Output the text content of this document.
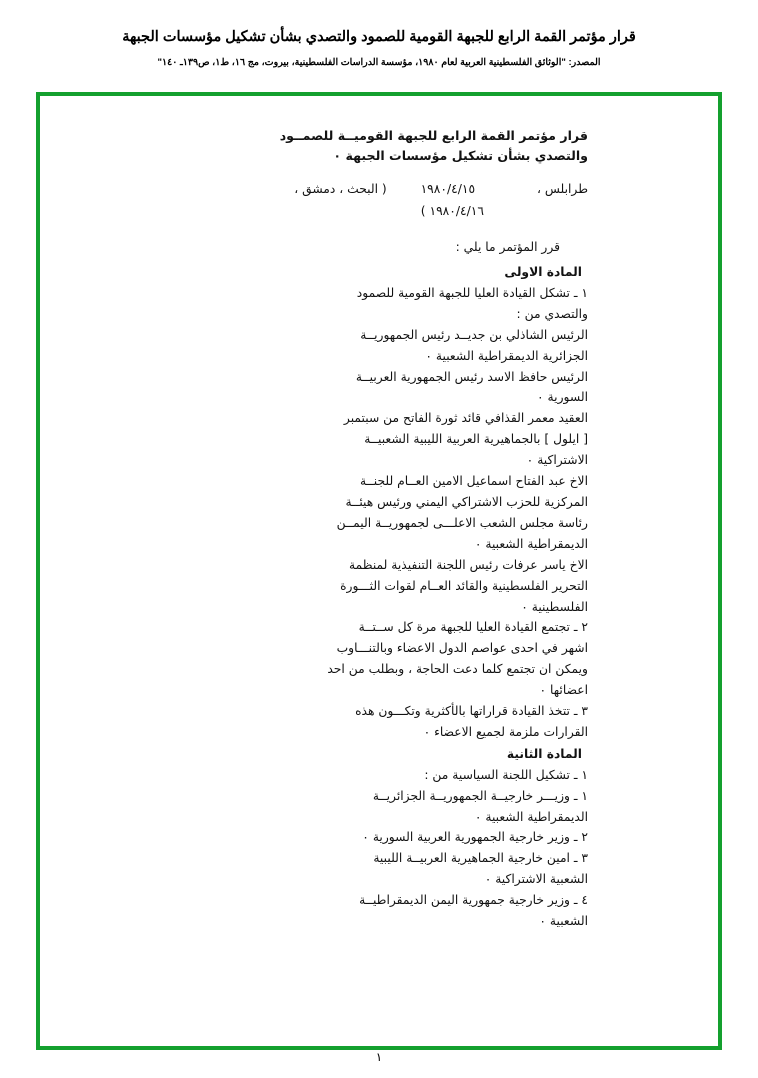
قرار مؤتمر القمة الرابع للجبهة القومية للصمود والتصدي بشأن تشكيل مؤسسات الجبهة
المصدر: "الوثائق الفلسطينية العربية لعام ١٩٨٠، مؤسسة الدراسات الفلسطينية، بيروت، مج ١٦، ط١، ص١٣٩ـ ١٤٠"
قرار مؤتمر القمة الرابع للجبهة القوميــة للصمــود
والتصدي بشأن تشكيل مؤسسات الجبهة ٠
طرابلس ،  ١٩٨٠/٤/١٥  ( البحث ، دمشق ،
١٩٨٠/٤/١٦ )
قرر المؤتمر ما يلي :
المادة الاولى
١ ـ تشكل القيادة العليا للجبهة القومية للصمود
والتصدي من :
الرئيس الشاذلي بن جديــد رئيس الجمهوريــة
الجزائرية الديمقراطية الشعبية ٠
الرئيس حافظ الاسد رئيس الجمهورية العربيــة
السورية ٠
العقيد معمر القذافي قائد ثورة الفاتح من سبتمبر
[ ايلول ] بالجماهيرية العربية الليبية الشعبيــة
الاشتراكية ٠
الاخ عبد الفتاح اسماعيل الامين العــام للجنــة
المركزية للحزب الاشتراكي اليمني ورئيس هيئــة
رئاسة مجلس الشعب الاعلـــى لجمهوريــة اليمــن
الديمقراطية الشعبية ٠
الاخ ياسر عرفات رئيس اللجنة التنفيذية لمنظمة
التحرير الفلسطينية والقائد العــام لقوات الثـــورة
الفلسطينية ٠
٢ ـ تجتمع القيادة العليا للجبهة مرة كل ســتــة
اشهر في احدى عواصم الدول الاعضاء وبالتنـــاوب
ويمكن ان تجتمع كلما دعت الحاجة ، وبطلب من احد
اعضائها ٠
٣ ـ تتخذ القيادة قراراتها بالأكثرية وتكـــون هذه
القرارات ملزمة لجميع الاعضاء ٠
المادة الثانية
١ ـ تشكيل اللجنة السياسية من :
١ ـ وزيـــر خارجيــة الجمهوريــة الجزائريــة
الديمقراطية الشعبية ٠
٢ ـ وزير خارجية الجمهورية العربية السورية ٠
٣ ـ امين خارجية الجماهيرية العربيــة الليبية
الشعبية الاشتراكية ٠
٤ ـ وزير خارجية جمهورية اليمن الديمقراطيــة
الشعبية ٠
١
